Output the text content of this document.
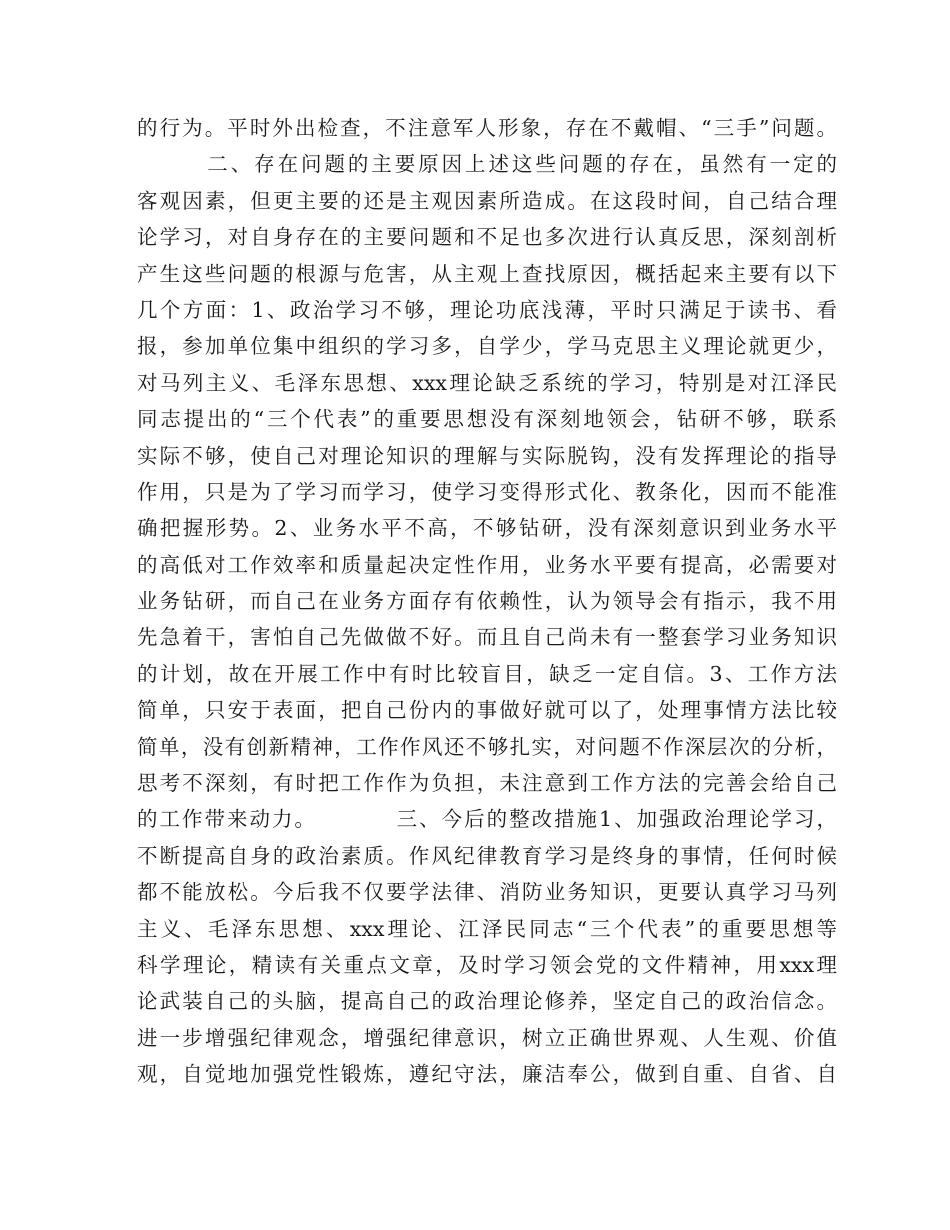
的行为。平时外出检查，不注意军人形象，存在不戴帽、“三手”问题。
　　　二、存在问题的主要原因上述这些问题的存在，虽然有一定的
客观因素，但更主要的还是主观因素所造成。在这段时间，自己结合理
论学习，对自身存在的主要问题和不足也多次进行认真反思，深刻剖析
产生这些问题的根源与危害，从主观上查找原因，概括起来主要有以下
几个方面：1、政治学习不够，理论功底浅薄，平时只满足于读书、看
报，参加单位集中组织的学习多，自学少，学马克思主义理论就更少，
对马列主义、毛泽东思想、xxx理论缺乏系统的学习，特别是对江泽民
同志提出的“三个代表”的重要思想没有深刻地领会，钻研不够，联系
实际不够，使自己对理论知识的理解与实际脱钩，没有发挥理论的指导
作用，只是为了学习而学习，使学习变得形式化、教条化，因而不能准
确把握形势。2、业务水平不高，不够钻研，没有深刻意识到业务水平
的高低对工作效率和质量起决定性作用，业务水平要有提高，必需要对
业务钻研，而自己在业务方面存有依赖性，认为领导会有指示，我不用
先急着干，害怕自己先做做不好。而且自己尚未有一整套学习业务知识
的计划，故在开展工作中有时比较盲目，缺乏一定自信。3、工作方法
简单，只安于表面，把自己份内的事做好就可以了，处理事情方法比较
简单，没有创新精神，工作作风还不够扎实，对问题不作深层次的分析，
思考不深刻，有时把工作作为负担，未注意到工作方法的完善会给自己
的工作带来动力。　　　　三、今后的整改措施1、加强政治理论学习，
不断提高自身的政治素质。作风纪律教育学习是终身的事情，任何时候
都不能放松。今后我不仅要学法律、消防业务知识，更要认真学习马列
主义、毛泽东思想、xxx理论、江泽民同志“三个代表”的重要思想等
科学理论，精读有关重点文章，及时学习领会党的文件精神，用xxx理
论武装自己的头脑，提高自己的政治理论修养，坚定自己的政治信念。
进一步增强纪律观念，增强纪律意识，树立正确世界观、人生观、价值
观，自觉地加强党性锻炼，遵纪守法，廉洁奉公，做到自重、自省、自
